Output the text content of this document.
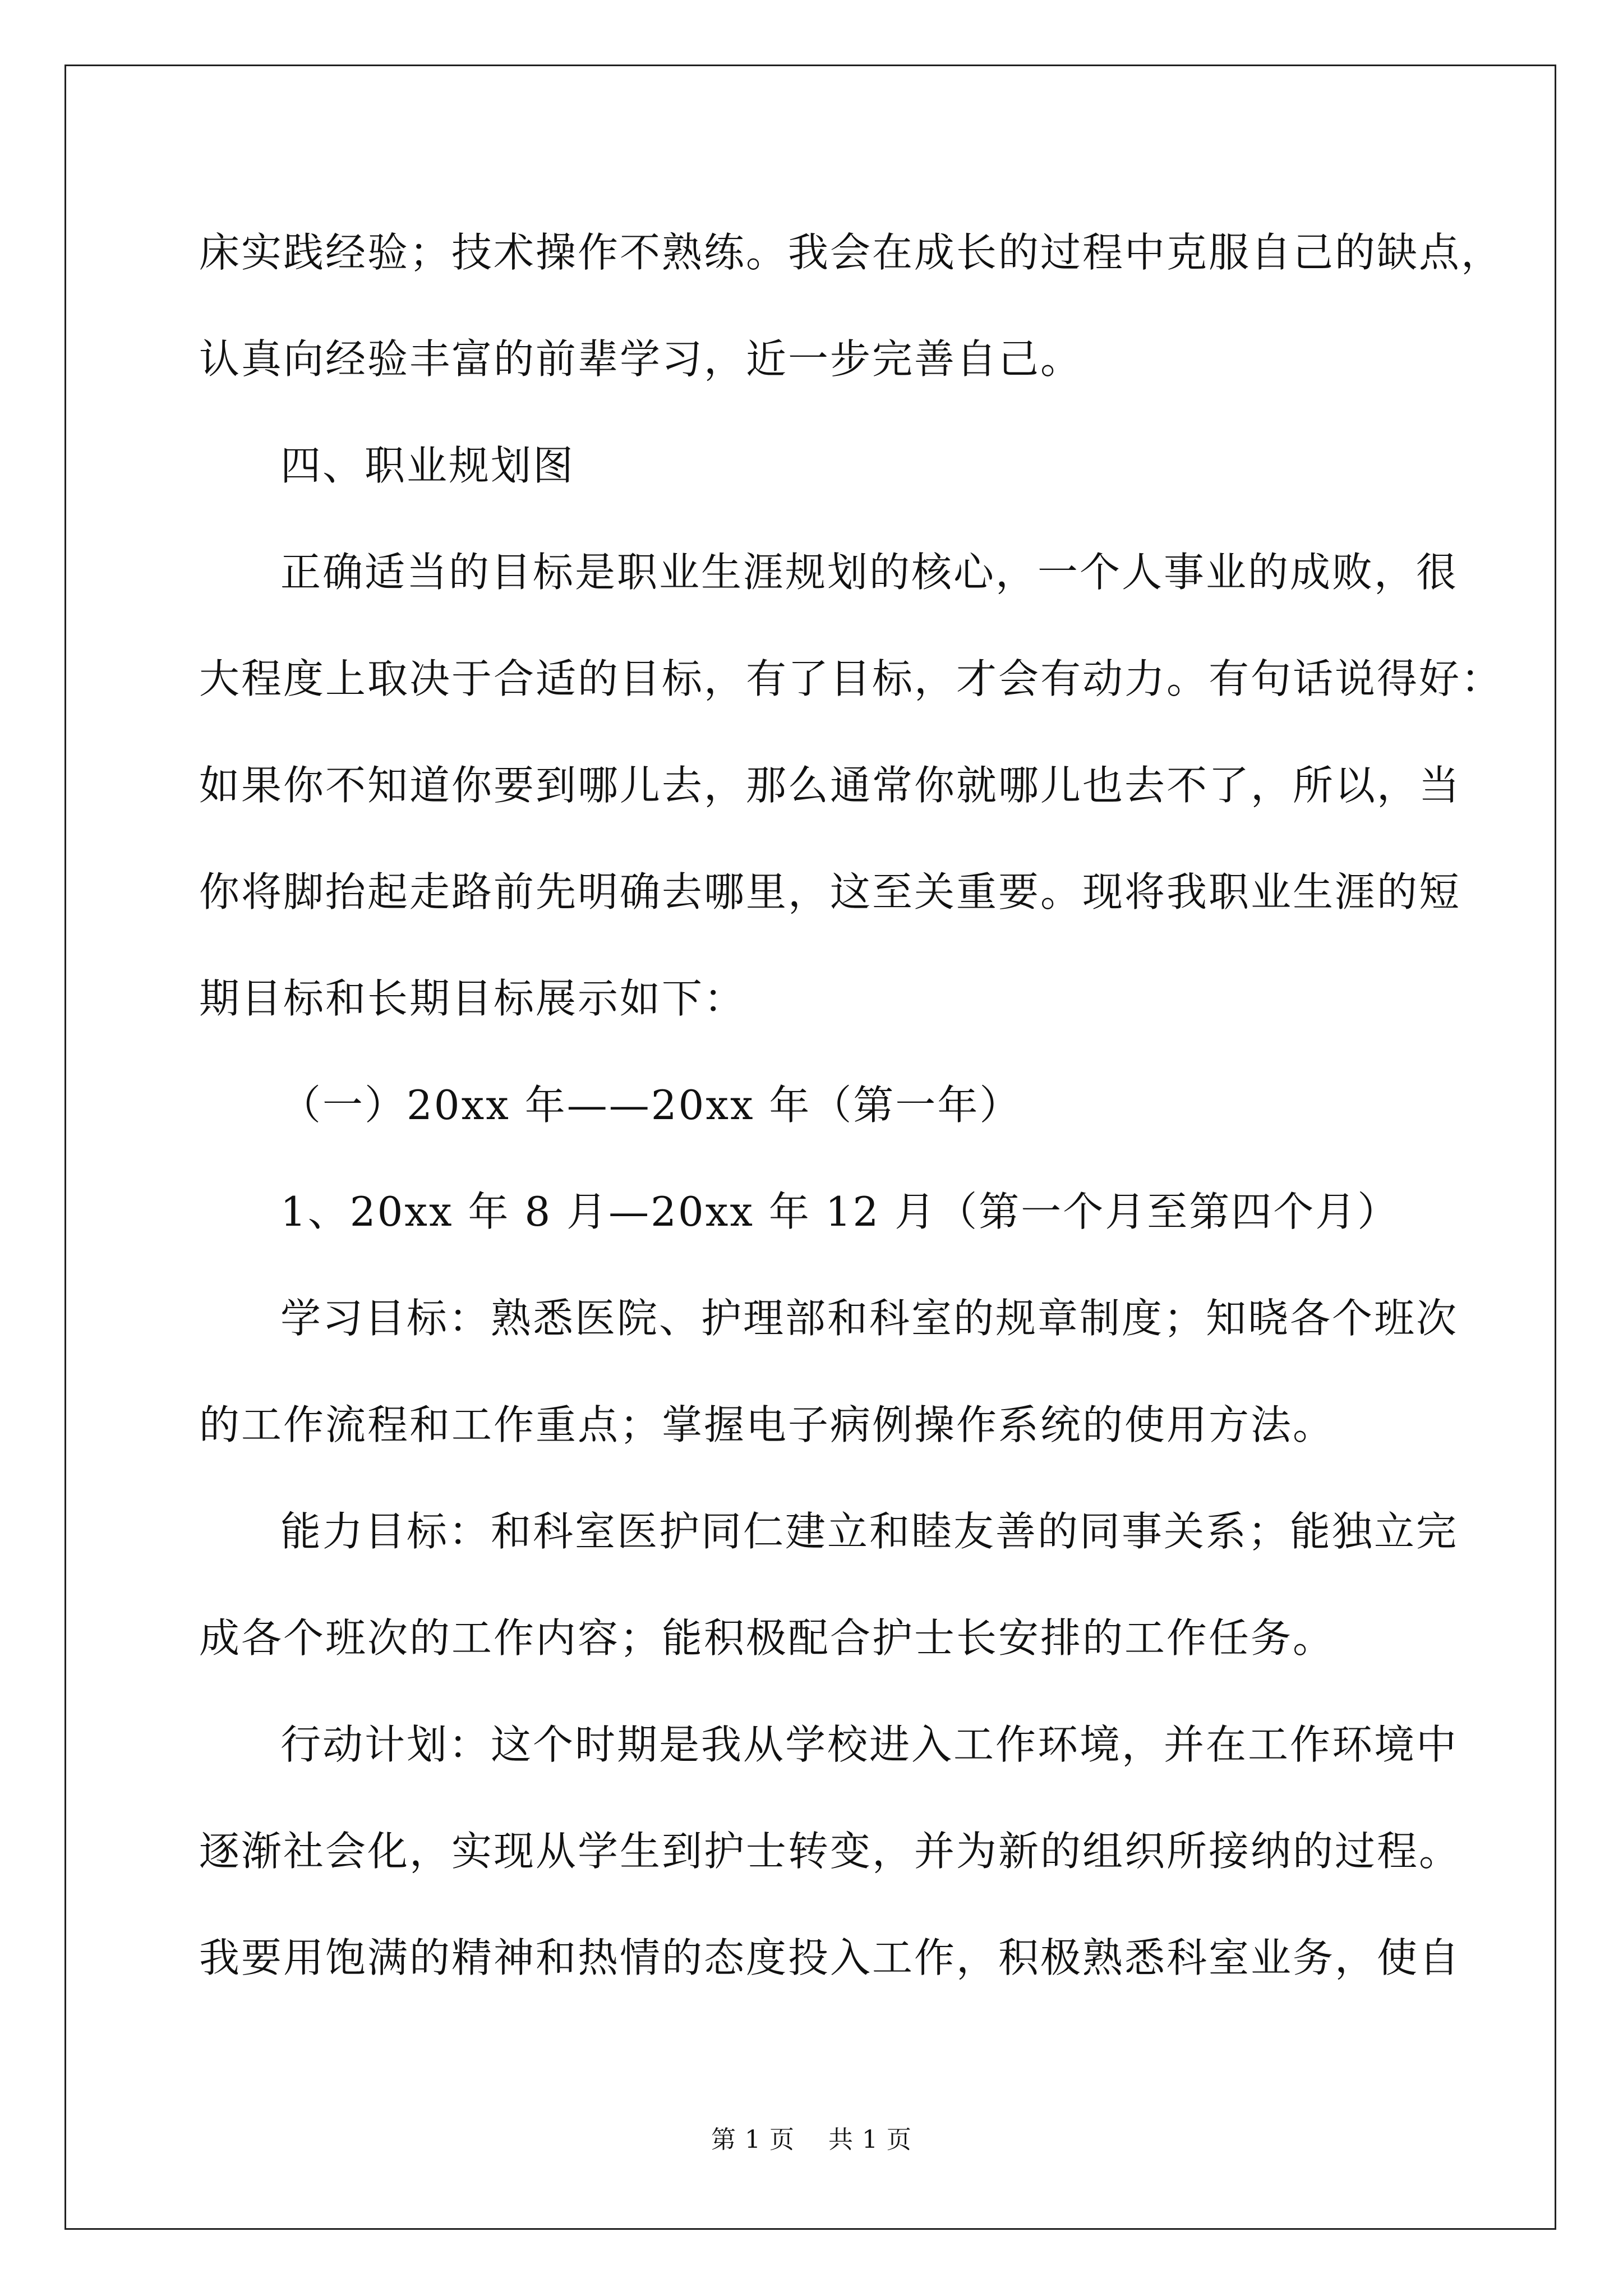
床实践经验；技术操作不熟练。我会在成长的过程中克服自己的缺点，
认真向经验丰富的前辈学习，近一步完善自己。
四、职业规划图
正确适当的目标是职业生涯规划的核心，一个人事业的成败，很
大程度上取决于合适的目标，有了目标，才会有动力。有句话说得好：
如果你不知道你要到哪儿去，那么通常你就哪儿也去不了，所以，当
你将脚抬起走路前先明确去哪里，这至关重要。现将我职业生涯的短
期目标和长期目标展示如下：
（一）20xx 年——20xx 年（第一年）
1、20xx 年 8 月—20xx 年 12 月（第一个月至第四个月）
学习目标：熟悉医院、护理部和科室的规章制度；知晓各个班次
的工作流程和工作重点；掌握电子病例操作系统的使用方法。
能力目标：和科室医护同仁建立和睦友善的同事关系；能独立完
成各个班次的工作内容；能积极配合护士长安排的工作任务。
行动计划：这个时期是我从学校进入工作环境，并在工作环境中
逐渐社会化，实现从学生到护士转变，并为新的组织所接纳的过程。
我要用饱满的精神和热情的态度投入工作，积极熟悉科室业务，使自
第 1 页    共 1 页
